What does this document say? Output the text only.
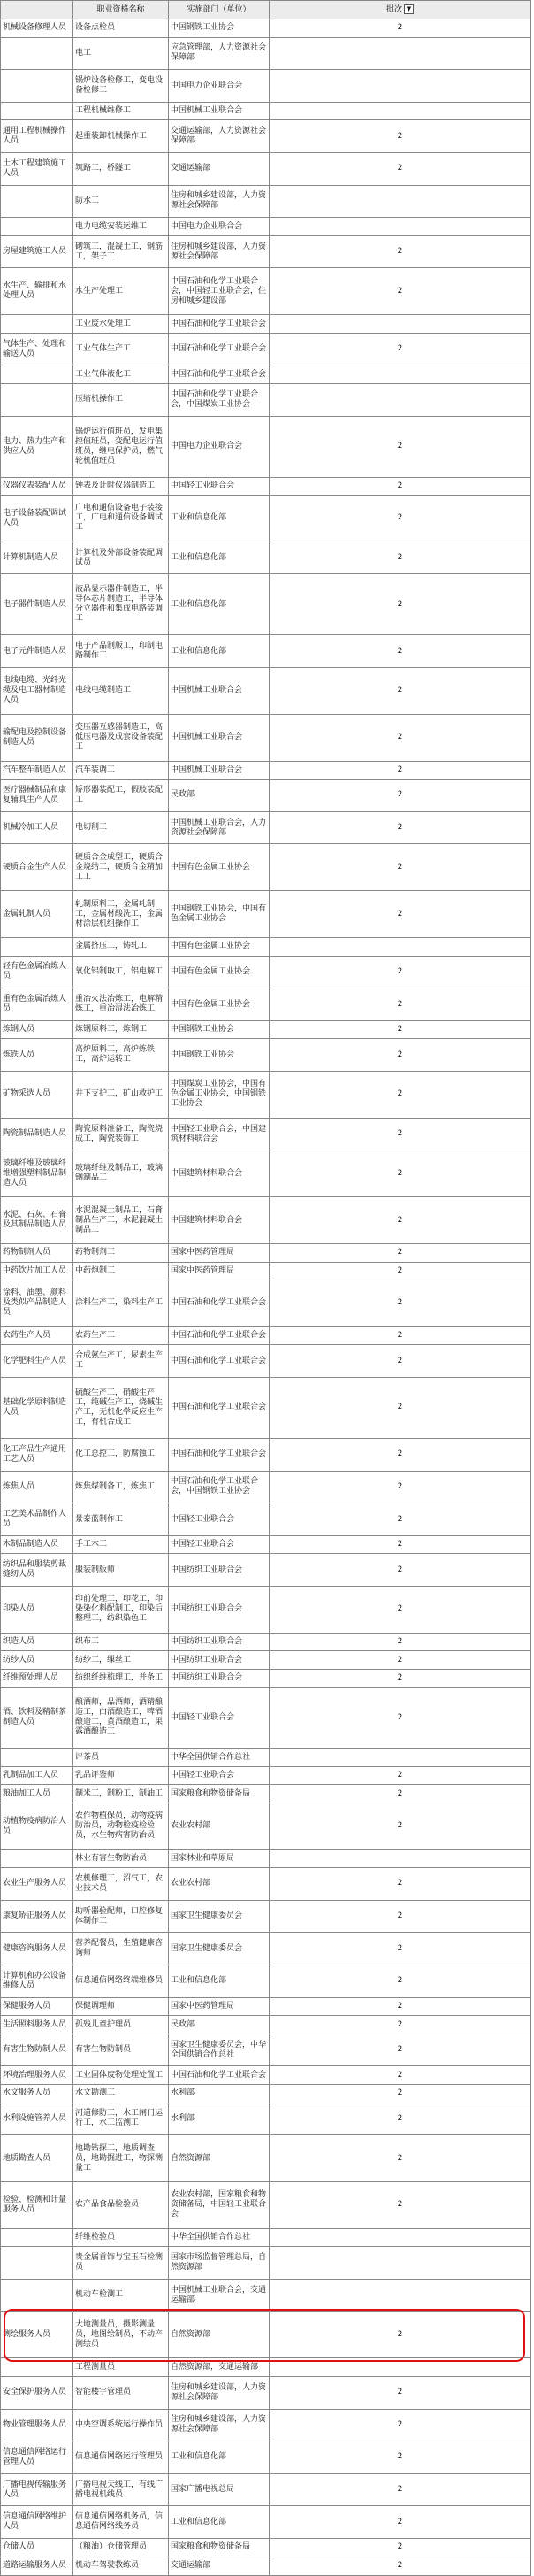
	职业资格名称	实施部门（单位）	批次 ▼
机械设备修理人员	设备点检员	中国钢铁工业协会	2
	电工	应急管理部，人力资源社会保障部	
	锅炉设备检修工，变电设备检修工	中国电力企业联合会	
	工程机械维修工	中国机械工业联合会	
通用工程机械操作人员	起重装卸机械操作工	交通运输部，人力资源社会保障部	2
土木工程建筑施工人员	筑路工，桥隧工	交通运输部	2
	防水工	住房和城乡建设部，人力资源社会保障部	
	电力电缆安装运维工	中国电力企业联合会	
房屋建筑施工人员	砌筑工，混凝土工，钢筋工，架子工	住房和城乡建设部，人力资源社会保障部	2
水生产、输排和水处理人员	水生产处理工	中国石油和化学工业联合会，中国轻工业联合会，住房和城乡建设部	2
	工业废水处理工	中国石油和化学工业联合会	
气体生产、处理和输送人员	工业气体生产工	中国石油和化学工业联合会	2
	工业气体液化工	中国石油和化学工业联合会	
	压缩机操作工	中国石油和化学工业联合会，中国煤炭工业协会	
电力、热力生产和供应人员	锅炉运行值班员，发电集控值班员，变配电运行值班员，继电保护员，燃气轮机值班员	中国电力企业联合会	2
仪器仪表装配人员	钟表及计时仪器制造工	中国轻工业联合会	2
电子设备装配调试人员	广电和通信设备电子装接工，广电和通信设备调试工	工业和信息化部	2
计算机制造人员	计算机及外部设备装配调试员	工业和信息化部	2
电子器件制造人员	液晶显示器件制造工，半导体芯片制造工，半导体分立器件和集成电路装调工	工业和信息化部	2
电子元件制造人员	电子产品制版工，印制电路制作工	工业和信息化部	2
电线电缆、光纤光缆及电工器材制造人员	电线电缆制造工	中国机械工业联合会	2
输配电及控制设备制造人员	变压器互感器制造工，高低压电器及成套设备装配工	中国机械工业联合会	2
汽车整车制造人员	汽车装调工	中国机械工业联合会	2
医疗器械制品和康复辅具生产人员	矫形器装配工，假肢装配工	民政部	2
机械冷加工人员	电切削工	中国机械工业联合会，人力资源社会保障部	2
硬质合金生产人员	硬质合金成型工，硬质合金烧结工，硬质合金精加工工	中国有色金属工业协会	2
金属轧制人员	轧制原料工，金属轧制工，金属材酸洗工，金属材涂层机组操作工	中国钢铁工业协会，中国有色金属工业协会	2
	金属挤压工，铸轧工	中国有色金属工业协会	
轻有色金属冶炼人员	氧化铝制取工，铝电解工	中国有色金属工业协会	2
重有色金属冶炼人员	重冶火法冶炼工，电解精炼工，重冶湿法冶炼工	中国有色金属工业协会	2
炼钢人员	炼钢原料工，炼钢工	中国钢铁工业协会	2
炼铁人员	高炉原料工，高炉炼铁工，高炉运转工	中国钢铁工业协会	2
矿物采选人员	井下支护工，矿山救护工	中国煤炭工业协会，中国有色金属工业协会，中国钢铁工业协会	2
陶瓷制品制造人员	陶瓷原料准备工，陶瓷烧成工，陶瓷装饰工	中国轻工业联合会，中国建筑材料联合会	2
玻璃纤维及玻璃纤维增强塑料制品制造人员	玻璃纤维及制品工，玻璃钢制品工	中国建筑材料联合会	2
水泥、石灰、石膏及其制品制造人员	水泥混凝土制品工，石膏制品生产工，水泥混凝土制品工	中国建筑材料联合会	2
药物制剂人员	药物制剂工	国家中医药管理局	2
中药饮片加工人员	中药炮制工	国家中医药管理局	2
涂料、油墨、颜料及类似产品制造人员	涂料生产工，染料生产工	中国石油和化学工业联合会	2
农药生产人员	农药生产工	中国石油和化学工业联合会	2
化学肥料生产人员	合成氨生产工，尿素生产工	中国石油和化学工业联合会	2
基础化学原料制造人员	硫酸生产工，硝酸生产工，纯碱生产工，烧碱生产工，无机化学反应生产工，有机合成工	中国石油和化学工业联合会	2
化工产品生产通用工艺人员	化工总控工，防腐蚀工	中国石油和化学工业联合会	2
炼焦人员	炼焦煤制备工，炼焦工	中国石油和化学工业联合会，中国钢铁工业协会	2
工艺美术品制作人员	景泰蓝制作工	中国轻工业联合会	2
木制品制造人员	手工木工	中国轻工业联合会	2
纺织品和服装剪裁缝纫人员	服装制版师	中国纺织工业联合会	2
印染人员	印前处理工，印花工，印染染化料配制工，印染后整理工，纺织染色工	中国纺织工业联合会	2
织造人员	织布工	中国纺织工业联合会	2
纺纱人员	纺纱工，缫丝工	中国纺织工业联合会	2
纤维预处理人员	纺织纤维梳理工，并条工	中国纺织工业联合会	2
酒、饮料及精制茶制造人员	酿酒师，品酒师，酒精酿造工，白酒酿造工，啤酒酿造工，黄酒酿造工，果露酒酿造工	中国轻工业联合会	2
	评茶员	中华全国供销合作总社	
乳制品加工人员	乳品评鉴师	中国轻工业联合会	2
粮油加工人员	制米工，制粉工，制油工	国家粮食和物资储备局	2
动植物疫病防治人员	农作物植保员，动物疫病防治员，动物检疫检验员，水生物病害防治员	农业农村部	2
	林业有害生物防治员	国家林业和草原局	
农业生产服务人员	农机修理工，沼气工，农业技术员	农业农村部	2
康复矫正服务人员	助听器验配师，口腔修复体制作工	国家卫生健康委员会	2
健康咨询服务人员	营养配餐员，生殖健康咨询师	国家卫生健康委员会	2
计算机和办公设备维修人员	信息通信网络终端维修员	工业和信息化部	2
保健服务人员	保健调理师	国家中医药管理局	2
生活照料服务人员	孤残儿童护理员	民政部	2
有害生物防制人员	有害生物防制员	国家卫生健康委员会，中华全国供销合作总社	2
环境治理服务人员	工业固体废物处理处置工	中国石油和化学工业联合会	2
水文服务人员	水文勘测工	水利部	2
水利设施管养人员	河道修防工，水工闸门运行工，水工监测工	水利部	2
地质勘查人员	地勘钻探工，地质调查员，地勘掘进工，物探测量工	自然资源部	2
检验、检测和计量服务人员	农产品食品检验员	农业农村部，国家粮食和物资储备局，中国轻工业联合会	2
	纤维检验员	中华全国供销合作总社	
	贵金属首饰与宝玉石检测员	国家市场监督管理总局，自然资源部	
	机动车检测工	中国机械工业联合会，交通运输部	
测绘服务人员	大地测量员，摄影测量员，地图绘制员，不动产测绘员	自然资源部	2
	工程测量员	自然资源部，交通运输部	
安全保护服务人员	智能楼宇管理员	住房和城乡建设部，人力资源社会保障部	2
物业管理服务人员	中央空调系统运行操作员	住房和城乡建设部，人力资源社会保障部	2
信息通信网络运行管理人员	信息通信网络运行管理员	工业和信息化部	2
广播电视传输服务人员	广播电视天线工，有线广播电视机线员	国家广播电视总局	2
信息通信网络维护人员	信息通信网络机务员，信息通信网络线务员	工业和信息化部	2
仓储人员	（粮油）仓储管理员	国家粮食和物资储备局	2
道路运输服务人员	机动车驾驶教练员	交通运输部	2
